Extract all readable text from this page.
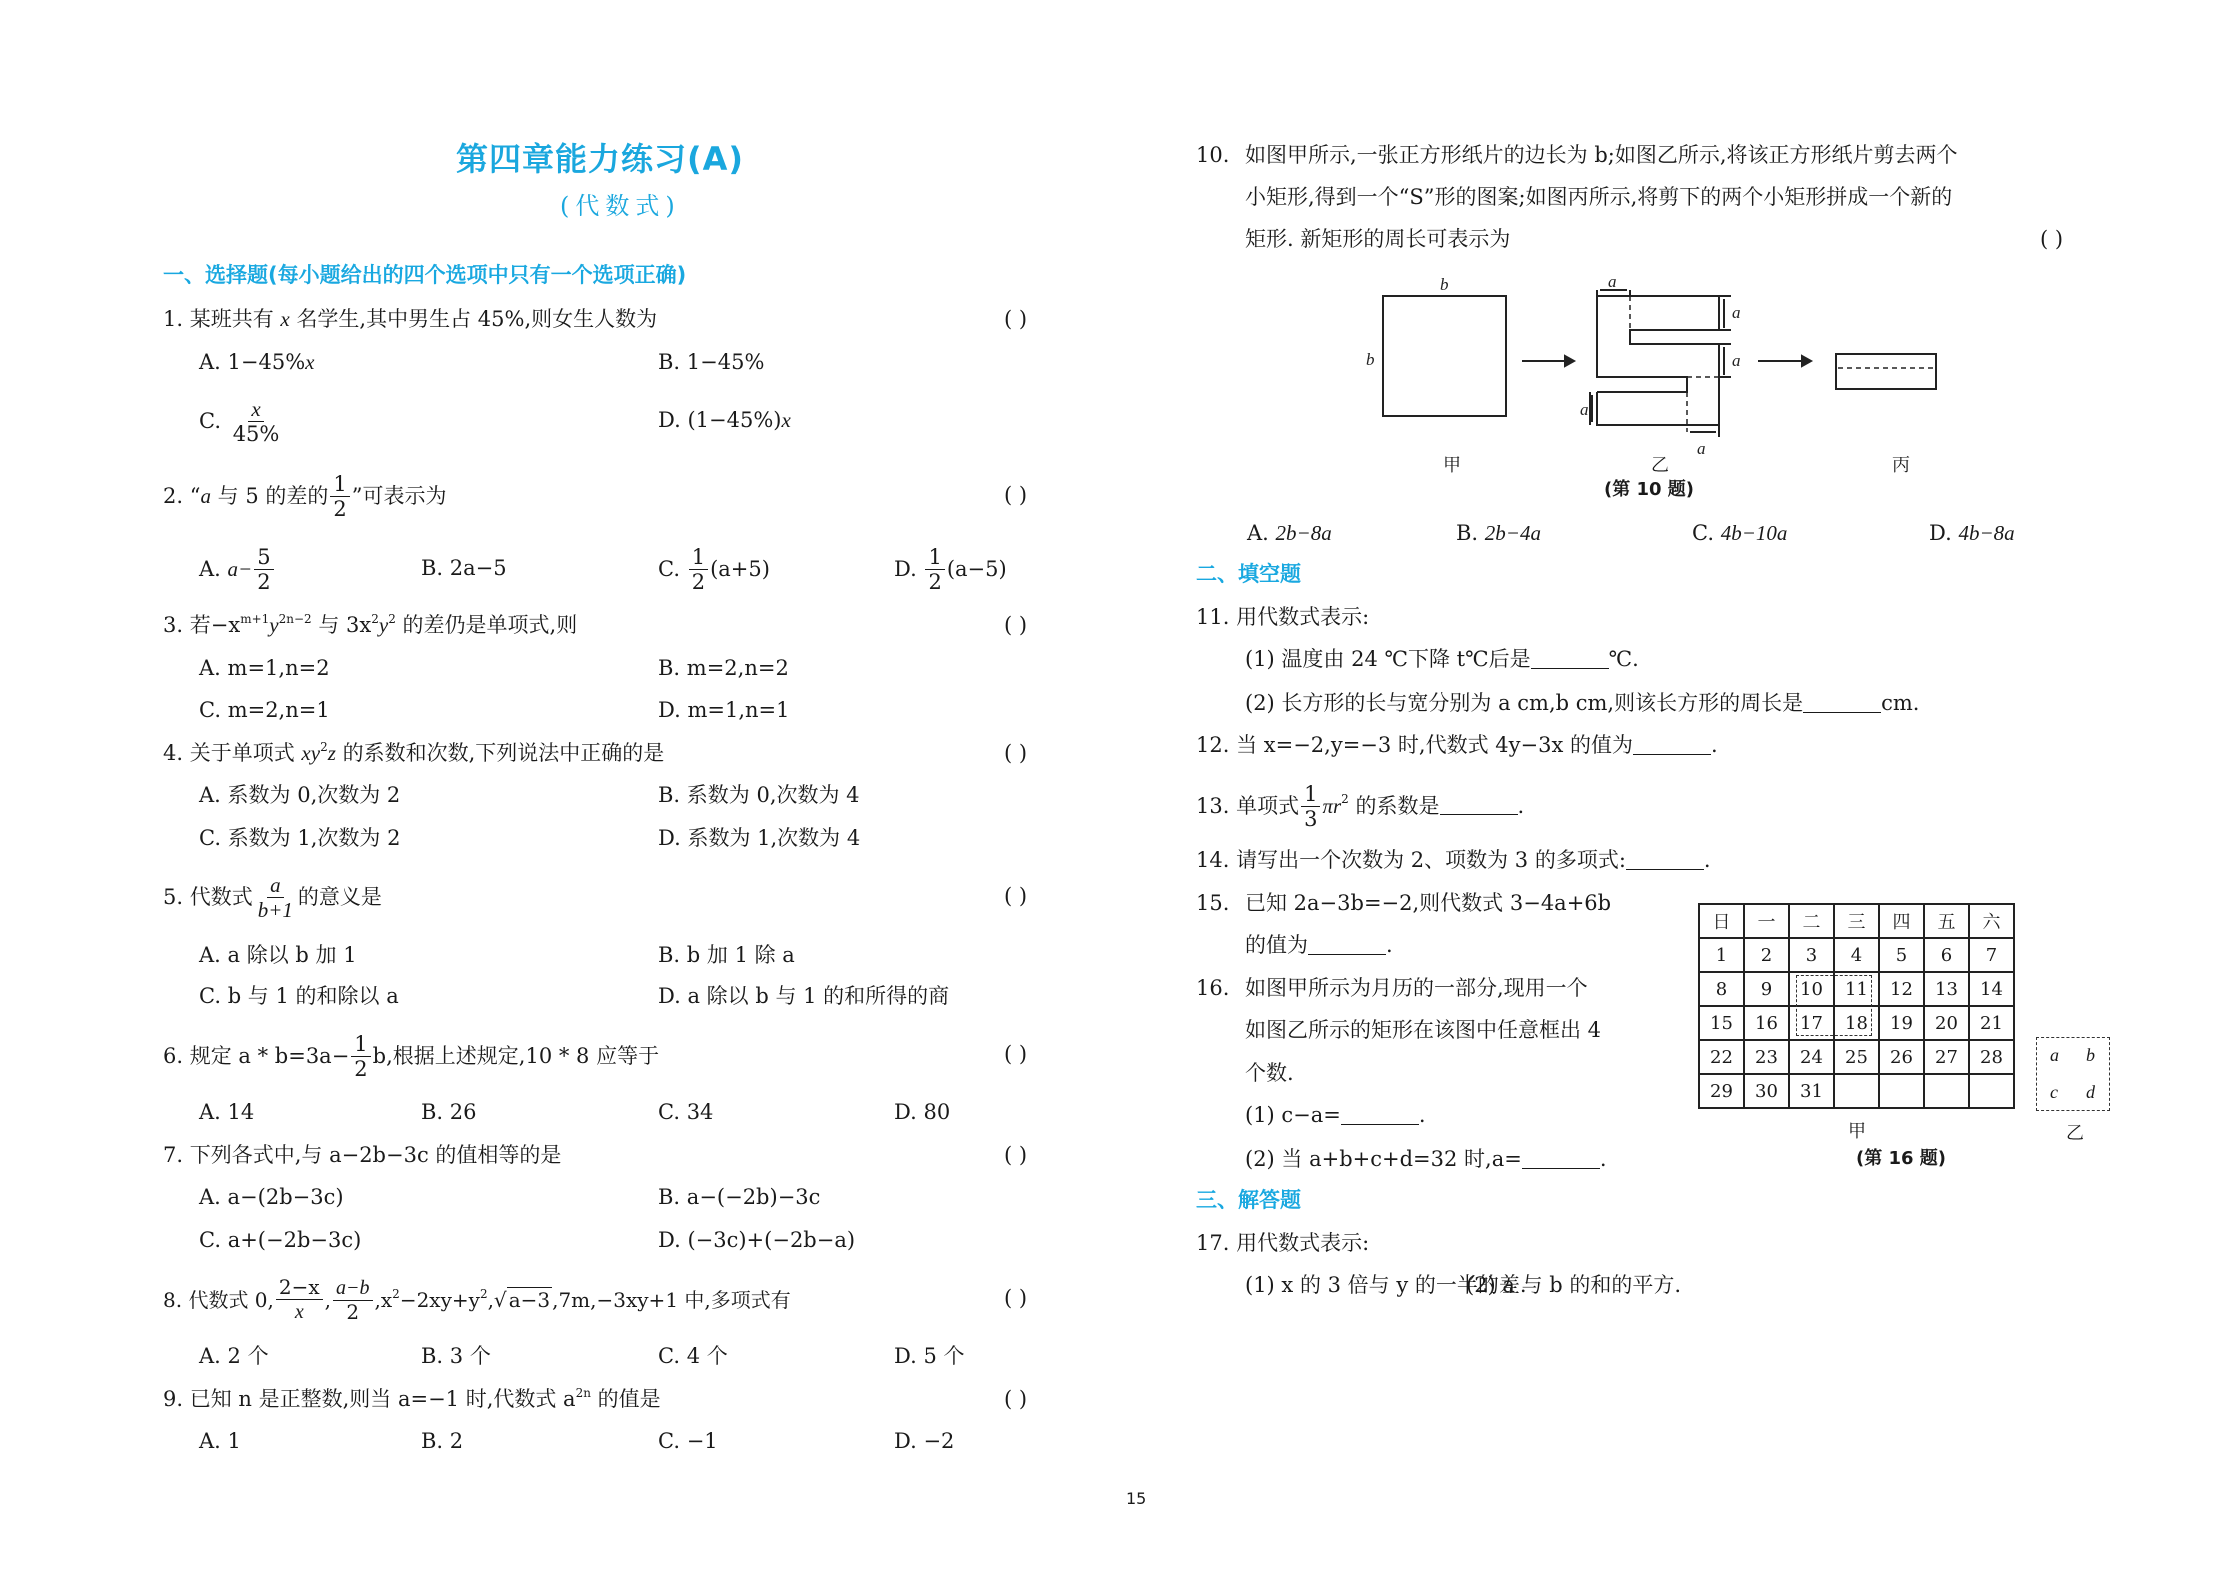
第四章能力练习(A)
(代数式)
一、选择题(每小题给出的四个选项中只有一个选项正确)
1. 某班共有 x 名学生,其中男生占 45%,则女生人数为	( )
A. 1−45%x	B. 1−45%
C. $\frac{x}{45\%}$	D. (1−45%)x
2. “a 与 5 的差的 $\frac{1}{2}$ ”可表示为	( )
A. $a- \frac{5}{2}$	B. 2a−5	C. $\frac{1}{2} (a+5)$	D. $\frac{1}{2} (a-5)$
3. 若$-x^{m+1}y^{2n-2}$ 与 $3x^2y^2$ 的差仍是单项式,则	( )
A. m=1,n=2	B. m=2,n=2
C. m=2,n=1	D. m=1,n=1
4. 关于单项式 $xy^2z$ 的系数和次数,下列说法中正确的是	( )
A. 系数为 0,次数为 2	B. 系数为 0,次数为 4
C. 系数为 1,次数为 2	D. 系数为 1,次数为 4
5. 代数式 $\frac{a}{b+1}$ 的意义是	( )
A. a 除以 b 加 1	B. b 加 1 除 a
C. b 与 1 的和除以 a	D. a 除以 b 与 1 的和所得的商
6. 规定 $a * b=3a- \frac{1}{2} b$,根据上述规定,10 * 8 应等于	( )
A. 14	B. 26	C. 34	D. 80
7. 下列各式中,与 a−2b−3c 的值相等的是	( )
A. a−(2b−3c)	B. a−(−2b)−3c
C. a+(−2b−3c)	D. (−3c)+(−2b−a)
8. 代数式 0, $\frac{2-x}{x}$ , $\frac{a-b}{2} ,x^2-2xy+y^2,√$ a−3 ,7m,−3xy+1 中,多项式有	( )
A. 2 个	B. 3 个	C. 4 个	D. 5 个
9. 已知 n 是正整数,则当 a=−1 时,代数式 $a^{2n}$ 的值是	( )
A. 1	B. 2	C. −1	D. −2
15
10. 如图甲所示,一张正方形纸片的边长为 b;如图乙所示,将该正方形纸片剪去两个
小矩形,得到一个“S”形的图案;如图丙所示,将剪下的两个小矩形拼成一个新的
矩形. 新矩形的周长可表示为	( )
b
b
a
a
a
a
a
甲	乙	丙
(第 10 题)
A. 2b−8a	B. 2b−4a	C. 4b−10a	D. 4b−8a
二、填空题
11. 用代数式表示:
(1) 温度由 24 ℃下降 t℃后是	℃.
(2) 长方形的长与宽分别为 a cm,b cm,则该长方形的周长是	cm.
12. 当 x=−2,y=−3 时,代数式 4y−3x 的值为	.
13. 单项式 $\frac{1}{3} \pi r^2$ 的系数是	.
14. 请写出一个次数为 2、项数为 3 的多项式:	.
15. 已知 2a−3b=−2,则代数式 3−4a+6b
的值为	.
16. 如图甲所示为月历的一部分,现用一个
如图乙所示的矩形在该图中任意框出 4
个数.
(1) c−a=	.
(2) 当 a+b+c+d=32 时,a=	.
日	一	二	三	四	五	六
1	2	3	4	5	6	7
8	9	10	11	12	13	14
15	16	17	18	19	20	21
22	23	24	25	26	27	28
29	30	31				
a b
c d
甲	乙
(第 16 题)
三、解答题
17. 用代数式表示:
(1) x 的 3 倍与 y 的一半的差.
(2) a 与 b 的和的平方.
